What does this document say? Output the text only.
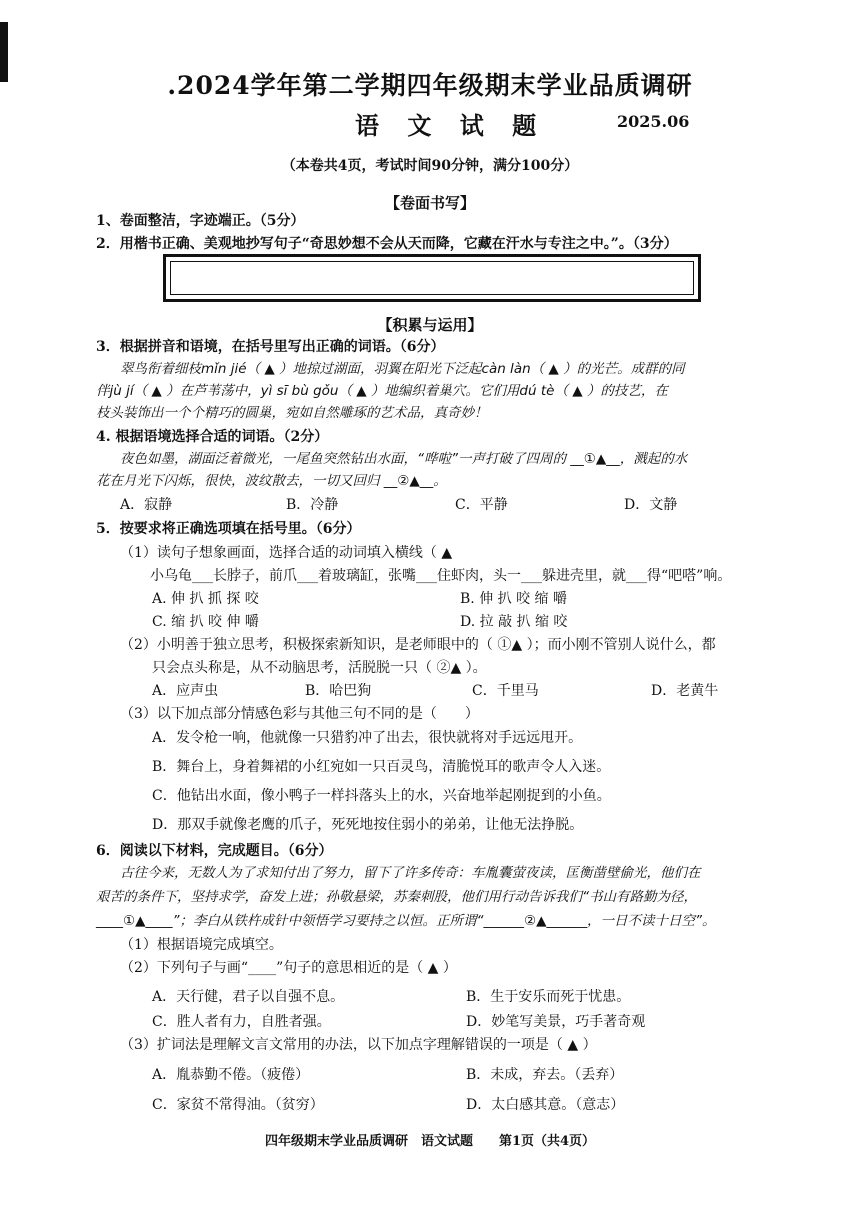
.2024学年第二学期四年级期末学业品质调研
语 文 试 题	2025.06
（本卷共4页，考试时间90分钟，满分100分）
【卷面书写】
1、卷面整洁，字迹端正。（5分）
2．用楷书正确、美观地抄写句子“奇思妙想不会从天而降，它藏在汗水与专注之中。”。（3分）
【积累与运用】
3．根据拼音和语境，在括号里写出正确的词语。（6分）
翠鸟衔着细枝mǐn jié（ ▲ ）地掠过湖面，羽翼在阳光下泛起càn làn（ ▲ ）的光芒。成群的同
伴jù jí（ ▲ ）在芦苇荡中，yì sī bù gǒu（ ▲ ）地编织着巢穴。它们用dú tè（ ▲ ）的技艺，在
枝头装饰出一个个精巧的圆巢，宛如自然雕琢的艺术品，真奇妙！
4. 根据语境选择合适的词语。（2分）
夜色如墨，湖面泛着微光，一尾鱼突然钻出水面，“哗啦”一声打破了四周的 __①▲__，溅起的水
花在月光下闪烁，很快，波纹散去，一切又回归 __②▲__。
A．寂静	B．冷静	C．平静	D．文静
5．按要求将正确选项填在括号里。（6分）
（1）读句子想象画面，选择合适的动词填入横线（ ▲
小乌龟___长脖子，前爪___着玻璃缸，张嘴___住虾肉，头一___躲进壳里，就___得“吧嗒”响。
A. 伸 扒 抓 探 咬	B. 伸 扒 咬 缩 嚼
C. 缩 扒 咬 伸 嚼	D. 拉 敲 扒 缩 咬
（2）小明善于独立思考，积极探索新知识，是老师眼中的（ ①▲ ）；而小刚不管别人说什么，都
只会点头称是，从不动脑思考，活脱脱一只（ ②▲ ）。
A．应声虫	B．哈巴狗	C．千里马	D．老黄牛
（3）以下加点部分情感色彩与其他三句不同的是（　　）
A．发令枪一响，他就像一只猎豹冲了出去，很快就将对手远远甩开。
B．舞台上，身着舞裙的小红宛如一只百灵鸟，清脆悦耳的歌声令人入迷。
C．他钻出水面，像小鸭子一样抖落头上的水，兴奋地举起刚捉到的小鱼。
D．那双手就像老鹰的爪子，死死地按住弱小的弟弟，让他无法挣脱。
6．阅读以下材料，完成题目。（6分）
古往今来，无数人为了求知付出了努力，留下了许多传奇：车胤囊萤夜读，匡衡凿壁偷光，他们在
艰苦的条件下，坚持求学，奋发上进；孙敬悬梁，苏秦刺股，他们用行动告诉我们“书山有路勤为径，
____①▲____”；李白从铁杵成针中领悟学习要持之以恒。正所谓“______②▲______，一日不读十日空”。
（1）根据语境完成填空。
（2）下列句子与画“____”句子的意思相近的是（ ▲ ）
A．天行健，君子以自强不息。	B．生于安乐而死于忧患。
C．胜人者有力，自胜者强。	D．妙笔写美景，巧手著奇观
（3）扩词法是理解文言文常用的办法，以下加点字理解错误的一项是（ ▲ ）
A．胤恭勤不倦。（疲倦）	B．未成，弃去。（丢弃）
C．家贫不常得油。（贫穷）	D．太白感其意。（意志）
四年级期末学业品质调研　语文试题　　第1页（共4页）
